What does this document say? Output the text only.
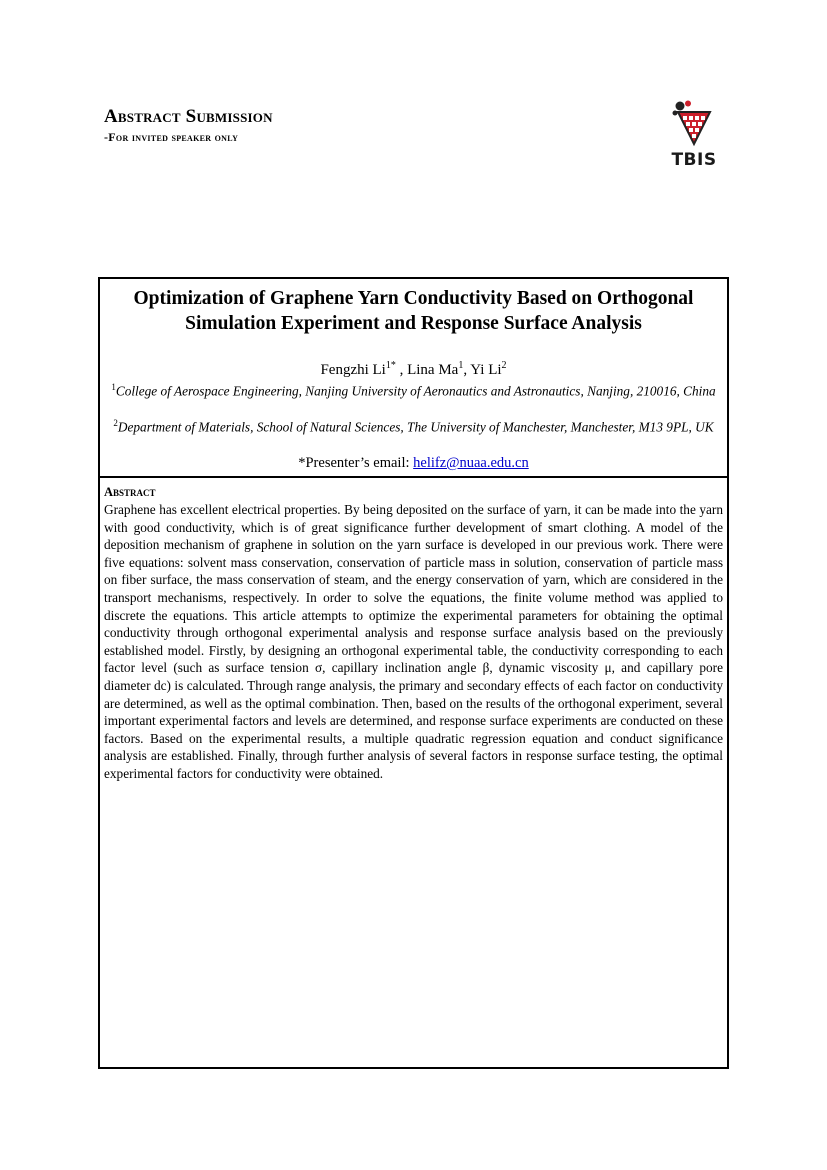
Abstract Submission
-For invited speaker only
TBIS
Optimization of Graphene Yarn Conductivity Based on Orthogonal Simulation Experiment and Response Surface Analysis
Fengzhi $Li^{1*}$ , Lina Ma$^1$, Yi Li$^2$
$^1$College of Aerospace Engineering, Nanjing University of Aeronautics and Astronautics, Nanjing, 210016, China
$^2$Department of Materials, School of Natural Sciences, The University of Manchester, Manchester, M13 9PL, UK
*Presenter’s email: helifz@nuaa.edu.cn
Abstract
Graphene has excellent electrical properties. By being deposited on the surface of yarn, it can be made into the yarn with good conductivity, which is of great significance further development of smart clothing. A model of the deposition mechanism of graphene in solution on the yarn surface is developed in our previous work. There were five equations: solvent mass conservation, conservation of particle mass in solution, conservation of particle mass on fiber surface, the mass conservation of steam, and the energy conservation of yarn, which are considered in the transport mechanisms, respectively. In order to solve the equations, the finite volume method was applied to discrete the equations. This article attempts to optimize the experimental parameters for obtaining the optimal conductivity through orthogonal experimental analysis and response surface analysis based on the previously established model. Firstly, by designing an orthogonal experimental table, the conductivity corresponding to each factor level (such as surface tension σ, capillary inclination angle β, dynamic viscosity μ, and capillary pore diameter dc) is calculated. Through range analysis, the primary and secondary effects of each factor on conductivity are determined, as well as the optimal combination. Then, based on the results of the orthogonal experiment, several important experimental factors and levels are determined, and response surface experiments are conducted on these factors. Based on the experimental results, a multiple quadratic regression equation and conduct significance analysis are established. Finally, through further analysis of several factors in response surface testing, the optimal experimental factors for conductivity were obtained.
